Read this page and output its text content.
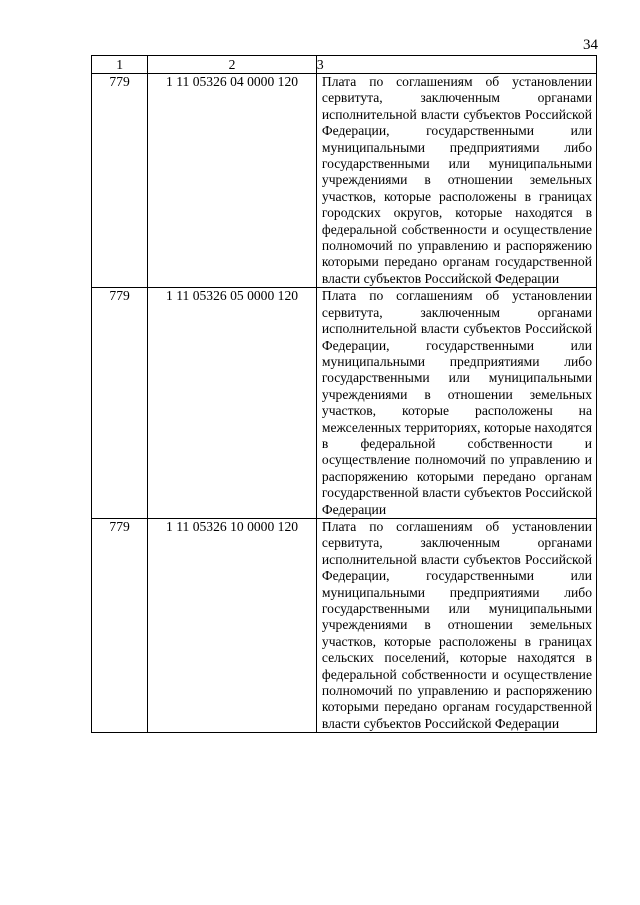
34
1	2	3
779	1 11 05326 04 0000 120	Плата по соглашениям об установлении сервитута, заключенным органами исполнительной власти субъектов Российской Федерации, государственными или муниципальными предприятиями либо государственными или муниципальными учреждениями в отношении земельных участков, которые расположены в границах городских округов, которые находятся в федеральной собственности и осуществление полномочий по управлению и распоряжению которыми передано органам государственной власти субъектов Российской Федерации
779	1 11 05326 05 0000 120	Плата по соглашениям об установлении сервитута, заключенным органами исполнительной власти субъектов Российской Федерации, государственными или муниципальными предприятиями либо государственными или муниципальными учреждениями в отношении земельных участков, которые расположены на межселенных территориях, которые находятся в федеральной собственности и осуществление полномочий по управлению и распоряжению которыми передано органам государственной власти субъектов Российской Федерации
779	1 11 05326 10 0000 120	Плата по соглашениям об установлении сервитута, заключенным органами исполнительной власти субъектов Российской Федерации, государственными или муниципальными предприятиями либо государственными или муниципальными учреждениями в отношении земельных участков, которые расположены в границах сельских поселений, которые находятся в федеральной собственности и осуществление полномочий по управлению и распоряжению которыми передано органам государственной власти субъектов Российской Федерации
